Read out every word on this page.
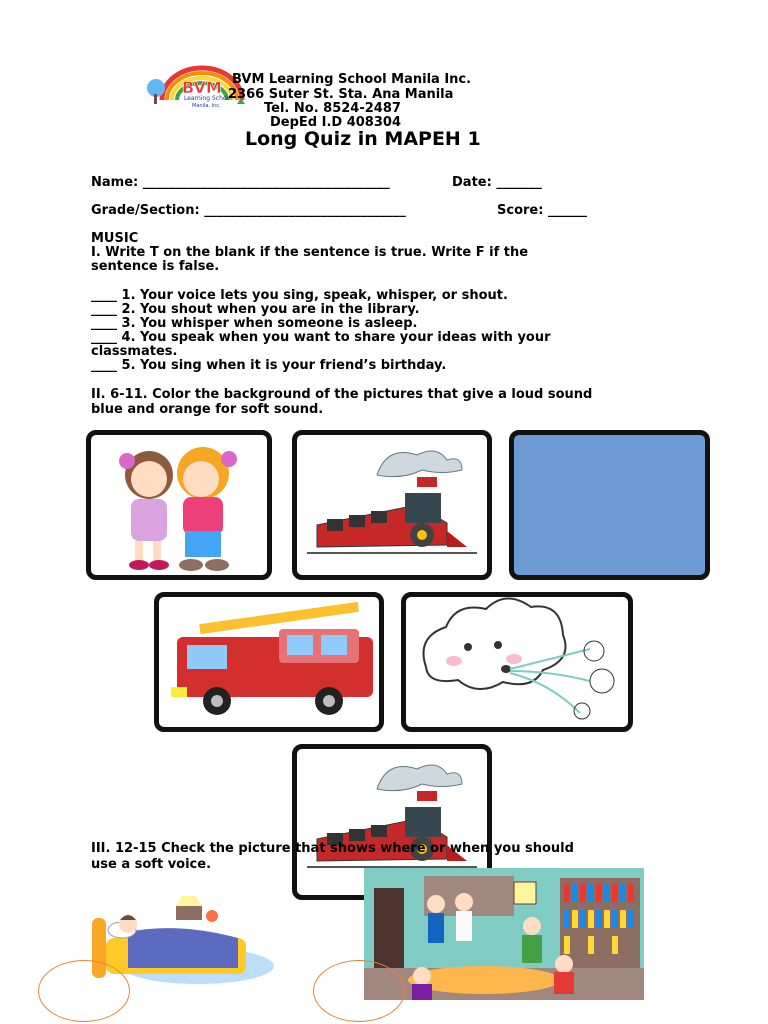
BVM
Learning School
Manila, Inc.
BVM Learning School Manila Inc.
2366 Suter St. Sta. Ana Manila
Tel. No. 8524-2487
DepEd I.D 408304
Long Quiz in MAPEH 1
Name: ______________________________________	Date: _______
Grade/Section: _______________________________	Score: ______
MUSIC
I. Write T on the blank if the sentence is true. Write F if the
sentence is false.
____ 1. Your voice lets you sing, speak, whisper, or shout.
____ 2. You shout when you are in the library.
____ 3. You whisper when someone is asleep.
____ 4. You speak when you want to share your ideas with your
classmates.
____ 5. You sing when it is your friend’s birthday.
II. 6-11. Color the background of the pictures that give a loud sound
blue and orange for soft sound.
III. 12-15 Check the picture that shows where or when you should
use a soft voice.
